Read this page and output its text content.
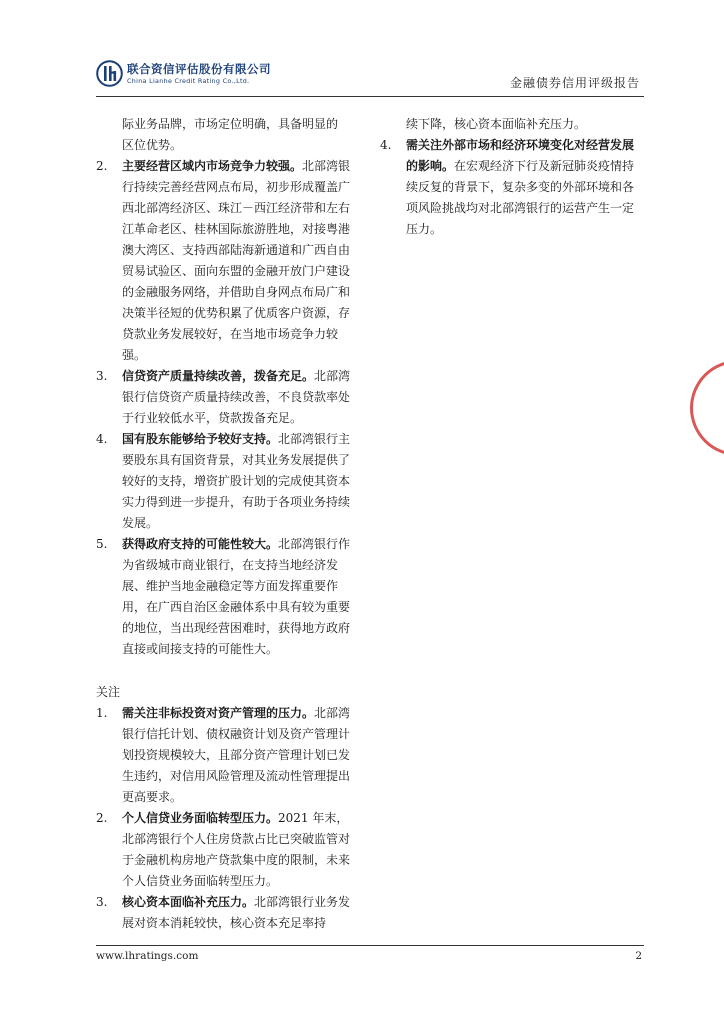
联合资信评估股份有限公司
China Lianhe Credit Rating Co.,Ltd.	金融债券信用评级报告

际业务品牌，市场定位明确，具备明显的

区位优势。

2. 主要经营区域内市场竞争力较强。北部湾银行持续完善经营网点布局，初步形成覆盖广西北部湾经济区、珠江－西江经济带和左右江革命老区、桂林国际旅游胜地，对接粤港澳大湾区、支持西部陆海新通道和广西自由贸易试验区、面向东盟的金融开放门户建设的金融服务网络，并借助自身网点布局广和决策半径短的优势积累了优质客户资源，存贷款业务发展较好，在当地市场竞争力较强。

3. 信贷资产质量持续改善，拨备充足。北部湾银行信贷资产质量持续改善，不良贷款率处于行业较低水平，贷款拨备充足。

4. 国有股东能够给予较好支持。北部湾银行主要股东具有国资背景，对其业务发展提供了较好的支持，增资扩股计划的完成使其资本实力得到进一步提升，有助于各项业务持续发展。

5. 获得政府支持的可能性较大。北部湾银行作为省级城市商业银行，在支持当地经济发展、维护当地金融稳定等方面发挥重要作用，在广西自治区金融体系中具有较为重要的地位，当出现经营困难时，获得地方政府直接或间接支持的可能性大。

关注

1. 需关注非标投资对资产管理的压力。北部湾银行信托计划、债权融资计划及资产管理计划投资规模较大，且部分资产管理计划已发生违约，对信用风险管理及流动性管理提出更高要求。

2. 个人信贷业务面临转型压力。2021 年末，北部湾银行个人住房贷款占比已突破监管对于金融机构房地产贷款集中度的限制，未来个人信贷业务面临转型压力。

3. 核心资本面临补充压力。北部湾银行业务发展对资本消耗较快，核心资本充足率持

续下降，核心资本面临补充压力。

4. 需关注外部市场和经济环境变化对经营发展的影响。在宏观经济下行及新冠肺炎疫情持续反复的背景下，复杂多变的外部环境和各项风险挑战均对北部湾银行的运营产生一定压力。

www.lhratings.com	2
